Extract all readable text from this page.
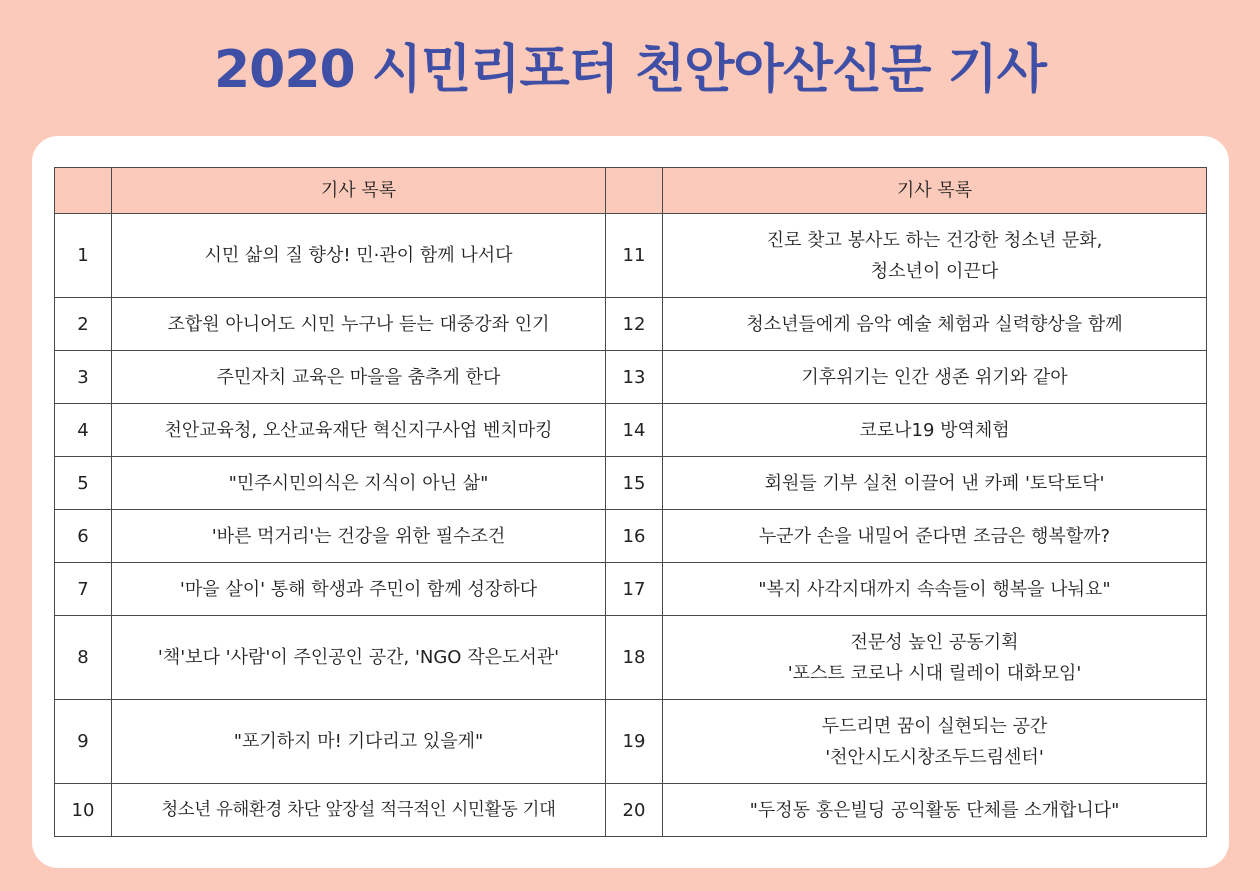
2020 시민리포터 천안아산신문 기사
	기사 목록		기사 목록
1	시민 삶의 질 향상! 민·관이 함께 나서다	11	진로 찾고 봉사도 하는 건강한 청소년 문화,
청소년이 이끈다
2	조합원 아니어도 시민 누구나 듣는 대중강좌 인기	12	청소년들에게 음악 예술 체험과 실력향상을 함께
3	주민자치 교육은 마을을 춤추게 한다	13	기후위기는 인간 생존 위기와 같아
4	천안교육청, 오산교육재단 혁신지구사업 벤치마킹	14	코로나19 방역체험
5	"민주시민의식은 지식이 아닌 삶"	15	회원들 기부 실천 이끌어 낸 카페 '토닥토닥'
6	'바른 먹거리'는 건강을 위한 필수조건	16	누군가 손을 내밀어 준다면 조금은 행복할까?
7	'마을 살이' 통해 학생과 주민이 함께 성장하다	17	"복지 사각지대까지 속속들이 행복을 나눠요"
8	'책'보다 '사람'이 주인공인 공간, 'NGO 작은도서관'	18	전문성 높인 공동기획
'포스트 코로나 시대 릴레이 대화모임'
9	"포기하지 마! 기다리고 있을게"	19	두드리면 꿈이 실현되는 공간
'천안시도시창조두드림센터'
10	청소년 유해환경 차단 앞장설 적극적인 시민활동 기대	20	"두정동 홍은빌딩 공익활동 단체를 소개합니다"
